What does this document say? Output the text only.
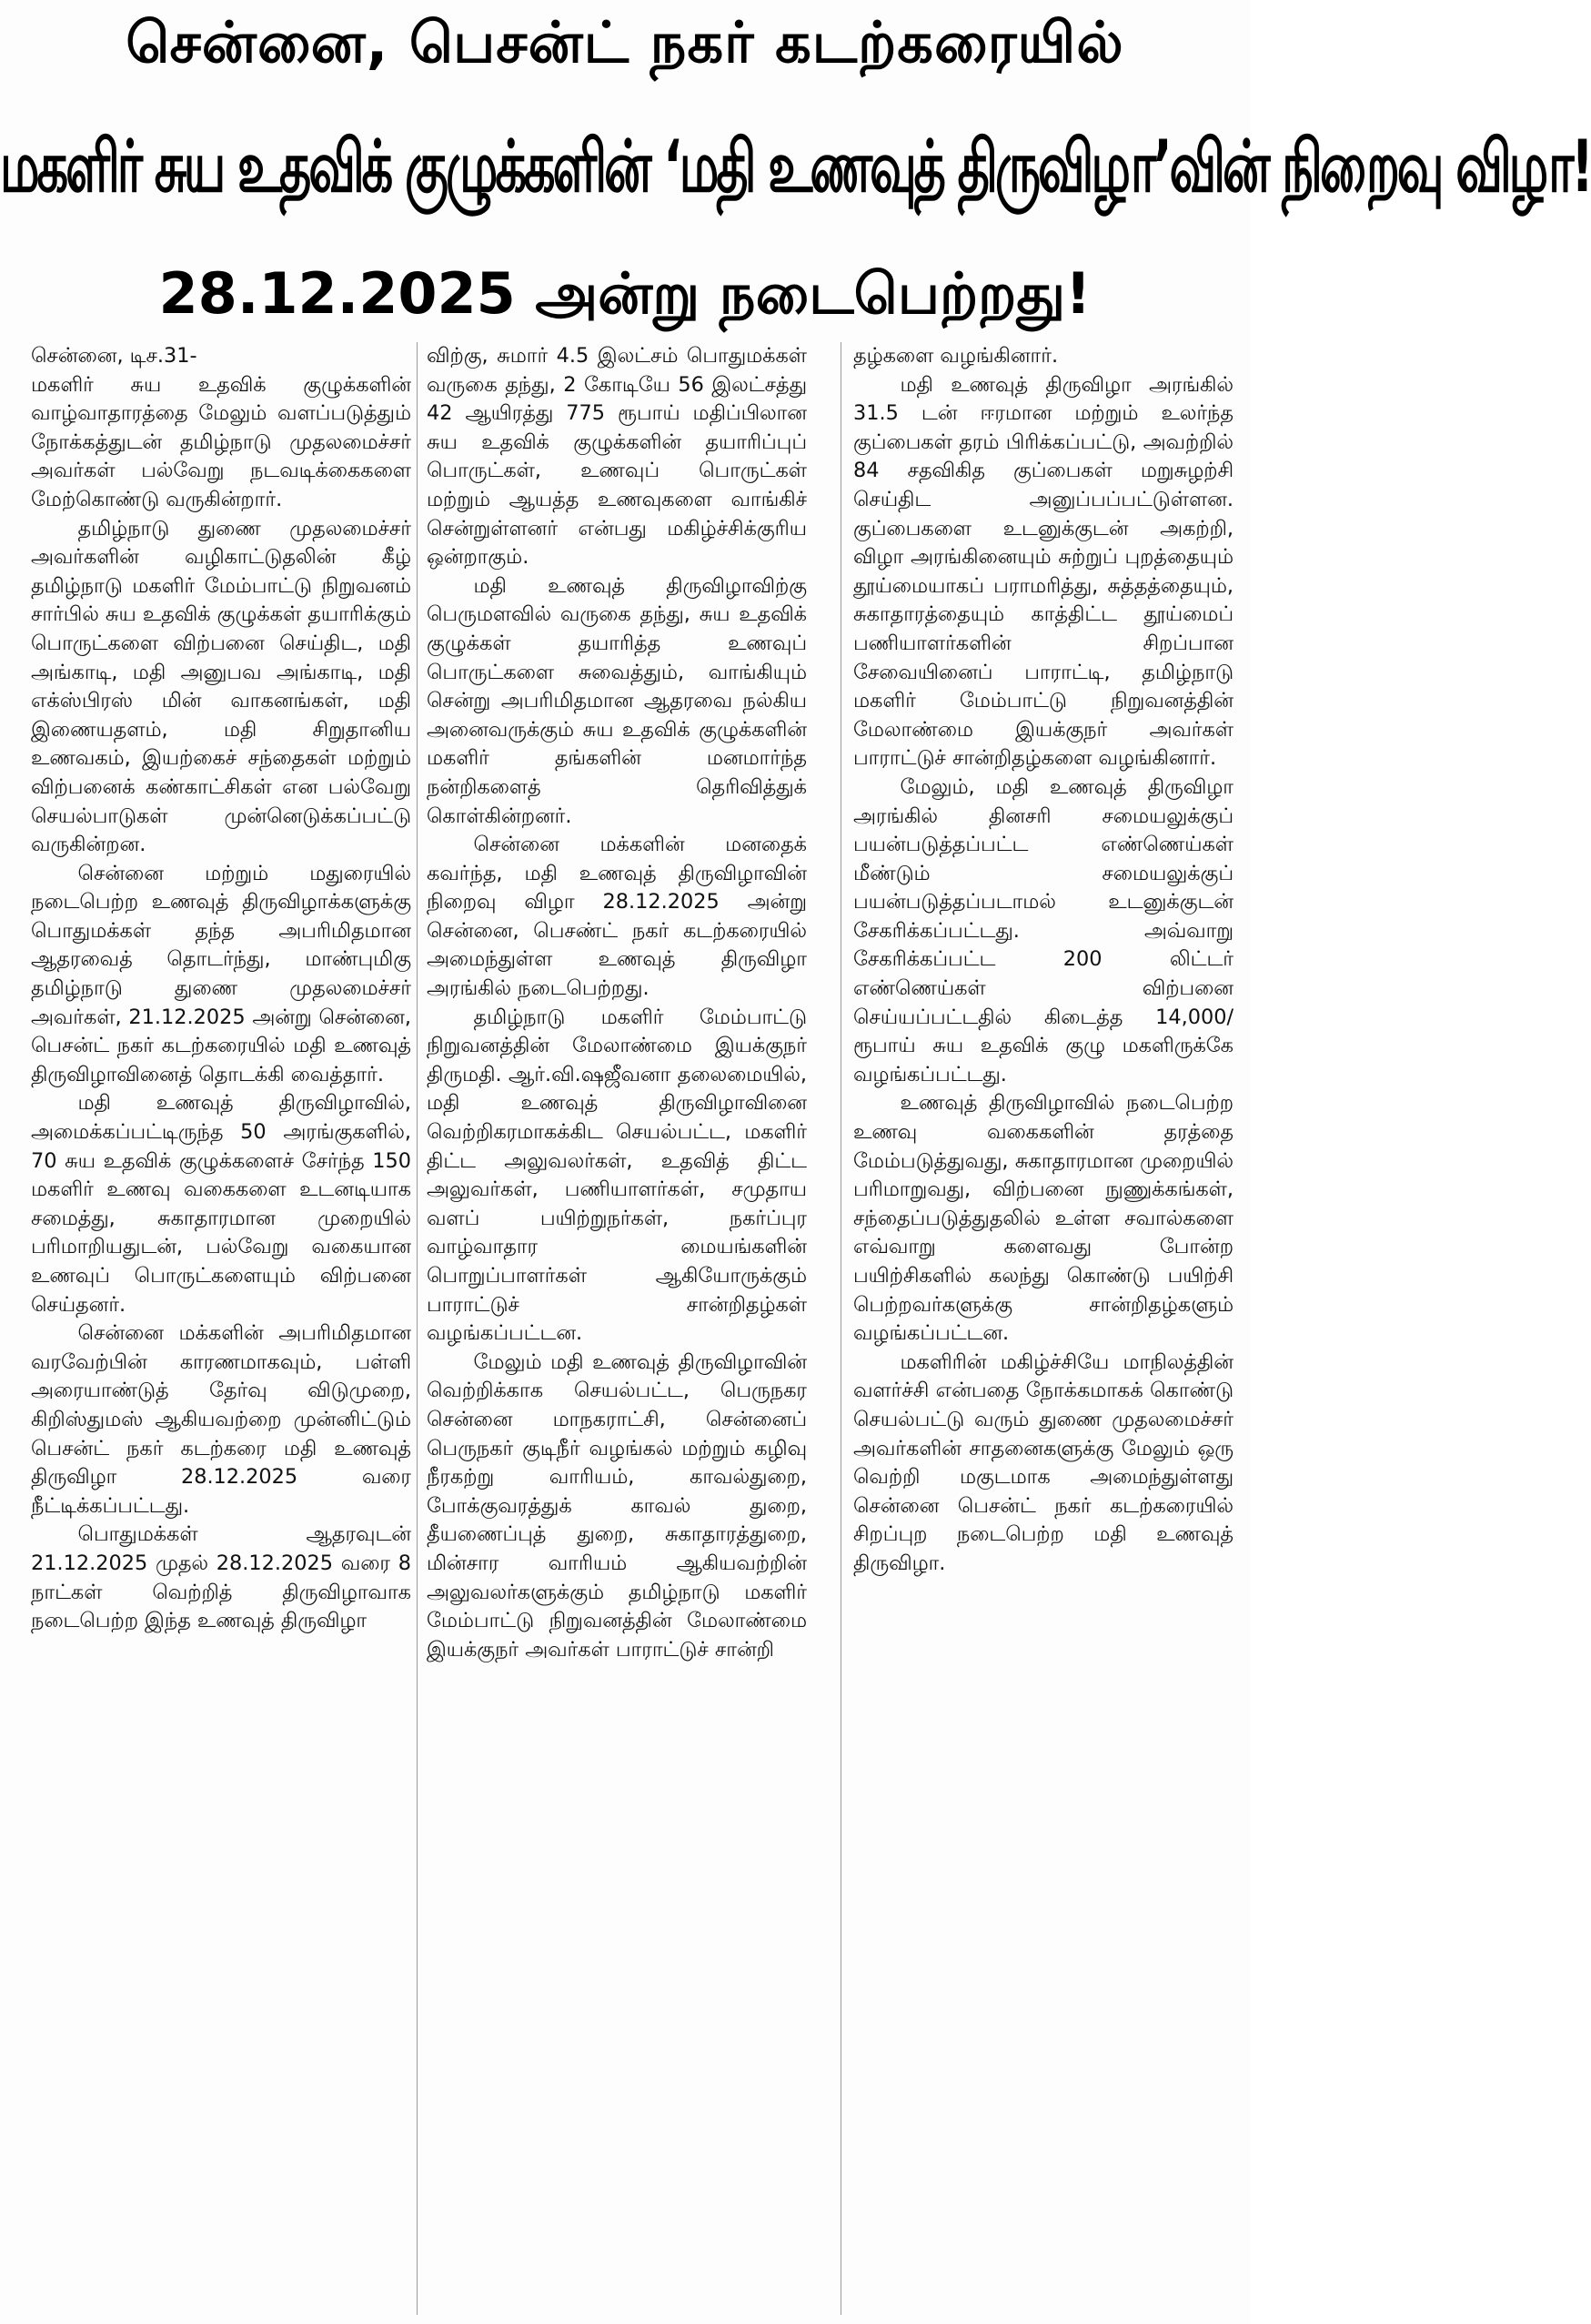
சென்னை, பெசன்ட் நகர் கடற்கரையில்
மகளிர் சுய உதவிக் குழுக்களின் ‘மதி உணவுத் திருவிழா’வின் நிறைவு விழா!
28.12.2025 அன்று நடைபெற்றது!

சென்னை, டிச.31-

மகளிர் சுய உதவிக் குழுக்களின் வாழ்வாதாரத்தை மேலும் வளப்படுத்தும் நோக்கத்துடன் தமிழ்நாடு முதலமைச்சர் அவர்கள் பல்வேறு நடவடிக்கைகளை மேற்கொண்டு வருகின்றார்.

தமிழ்நாடு துணை முதலமைச்சர் அவர்களின் வழிகாட்டுதலின் கீழ் தமிழ்நாடு மகளிர் மேம்பாட்டு நிறுவனம் சார்பில் சுய உதவிக் குழுக்கள் தயாரிக்கும் பொருட்களை விற்பனை செய்திட, மதி அங்காடி, மதி அனுபவ அங்காடி, மதி எக்ஸ்பிரஸ் மின் வாகனங்கள், மதி இணையதளம், மதி சிறுதானிய உணவகம், இயற்கைச் சந்தைகள் மற்றும் விற்பனைக் கண்காட்சிகள் என பல்வேறு செயல்பாடுகள் முன்னெடுக்கப்பட்டு வருகின்றன.

சென்னை மற்றும் மதுரையில் நடைபெற்ற உணவுத் திருவிழாக்களுக்கு பொதுமக்கள் தந்த அபரிமிதமான ஆதரவைத் தொடர்ந்து, மாண்புமிகு தமிழ்நாடு துணை முதலமைச்சர் அவர்கள், 21.12.2025 அன்று சென்னை, பெசன்ட் நகர் கடற்கரையில் மதி உணவுத் திருவிழாவினைத் தொடக்கி வைத்தார்.

மதி உணவுத் திருவிழாவில், அமைக்கப்பட்டிருந்த 50 அரங்குகளில், 70 சுய உதவிக் குழுக்களைச் சேர்ந்த 150 மகளிர் உணவு வகைகளை உடனடியாக சமைத்து, சுகாதாரமான முறையில் பரிமாறியதுடன், பல்வேறு வகையான உணவுப் பொருட்களையும் விற்பனை செய்தனர்.

சென்னை மக்களின் அபரிமிதமான வரவேற்பின் காரணமாகவும், பள்ளி அரையாண்டுத் தேர்வு விடுமுறை, கிறிஸ்துமஸ் ஆகியவற்றை முன்னிட்டும் பெசன்ட் நகர் கடற்கரை மதி உணவுத் திருவிழா 28.12.2025 வரை நீட்டிக்கப்பட்டது.

பொதுமக்கள் ஆதரவுடன் 21.12.2025 முதல் 28.12.2025 வரை 8 நாட்கள் வெற்றித் திருவிழாவாக நடைபெற்ற இந்த உணவுத் திருவிழா

விற்கு, சுமார் 4.5 இலட்சம் பொதுமக்கள் வருகை தந்து, 2 கோடியே 56 இலட்சத்து 42 ஆயிரத்து 775 ரூபாய் மதிப்பிலான சுய உதவிக் குழுக்களின் தயாரிப்புப் பொருட்கள், உணவுப் பொருட்கள் மற்றும் ஆயத்த உணவுகளை வாங்கிச் சென்றுள்ளனர் என்பது மகிழ்ச்சிக்குரிய ஒன்றாகும்.

மதி உணவுத் திருவிழாவிற்கு பெருமளவில் வருகை தந்து, சுய உதவிக் குழுக்கள் தயாரித்த உணவுப் பொருட்களை சுவைத்தும், வாங்கியும் சென்று அபரிமிதமான ஆதரவை நல்கிய அனைவருக்கும் சுய உதவிக் குழுக்களின் மகளிர் தங்களின் மனமார்ந்த நன்றிகளைத் தெரிவித்துக் கொள்கின்றனர்.

சென்னை மக்களின் மனதைக் கவர்ந்த, மதி உணவுத் திருவிழாவின் நிறைவு விழா 28.12.2025 அன்று சென்னை, பெசண்ட் நகர் கடற்கரையில் அமைந்துள்ள உணவுத் திருவிழா அரங்கில் நடைபெற்றது.

தமிழ்நாடு மகளிர் மேம்பாட்டு நிறுவனத்தின் மேலாண்மை இயக்குநர் திருமதி. ஆர்.வி.ஷஜீவனா தலைமையில், மதி உணவுத் திருவிழாவினை வெற்றிகரமாகக்கிட செயல்பட்ட, மகளிர் திட்ட அலுவலர்கள், உதவித் திட்ட அலுவர்கள், பணியாளர்கள், சமுதாய வளப் பயிற்றுநர்கள், நகர்ப்புர வாழ்வாதார மையங்களின் பொறுப்பாளர்கள் ஆகியோருக்கும் பாராட்டுச் சான்றிதழ்கள் வழங்கப்பட்டன.

மேலும் மதி உணவுத் திருவிழாவின் வெற்றிக்காக செயல்பட்ட, பெருநகர சென்னை மாநகராட்சி, சென்னைப் பெருநகர் குடிநீர் வழங்கல் மற்றும் கழிவு நீரகற்று வாரியம், காவல்துறை, போக்குவரத்துக் காவல் துறை, தீயணைப்புத் துறை, சுகாதாரத்துறை, மின்சார வாரியம் ஆகியவற்றின் அலுவலர்களுக்கும் தமிழ்நாடு மகளிர் மேம்பாட்டு நிறுவனத்தின் மேலாண்மை இயக்குநர் அவர்கள் பாராட்டுச் சான்றி

தழ்களை வழங்கினார்.

மதி உணவுத் திருவிழா அரங்கில் 31.5 டன் ஈரமான மற்றும் உலர்ந்த குப்பைகள் தரம் பிரிக்கப்பட்டு, அவற்றில் 84 சதவிகித குப்பைகள் மறுசுழற்சி செய்திட அனுப்பப்பட்டுள்ளன. குப்பைகளை உடனுக்குடன் அகற்றி, விழா அரங்கினையும் சுற்றுப் புறத்தையும் தூய்மையாகப் பராமரித்து, சுத்தத்தையும், சுகாதாரத்தையும் காத்திட்ட தூய்மைப் பணியாளர்களின் சிறப்பான சேவையினைப் பாராட்டி, தமிழ்நாடு மகளிர் மேம்பாட்டு நிறுவனத்தின் மேலாண்மை இயக்குநர் அவர்கள் பாராட்டுச் சான்றிதழ்களை வழங்கினார்.

மேலும், மதி உணவுத் திருவிழா அரங்கில் தினசரி சமையலுக்குப் பயன்படுத்தப்பட்ட எண்ணெய்கள் மீண்டும் சமையலுக்குப் பயன்படுத்தப்படாமல் உடனுக்குடன் சேகரிக்கப்பட்டது. அவ்வாறு சேகரிக்கப்பட்ட 200 லிட்டர் எண்ணெய்கள் விற்பனை செய்யப்பட்டதில் கிடைத்த 14,000/ ரூபாய் சுய உதவிக் குழு மகளிருக்கே வழங்கப்பட்டது.

உணவுத் திருவிழாவில் நடைபெற்ற உணவு வகைகளின் தரத்தை மேம்படுத்துவது, சுகாதாரமான முறையில் பரிமாறுவது, விற்பனை நுணுக்கங்கள், சந்தைப்படுத்துதலில் உள்ள சவால்களை எவ்வாறு களைவது போன்ற பயிற்சிகளில் கலந்து கொண்டு பயிற்சி பெற்றவர்களுக்கு சான்றிதழ்களும் வழங்கப்பட்டன.

மகளிரின் மகிழ்ச்சியே மாநிலத்தின் வளர்ச்சி என்பதை நோக்கமாகக் கொண்டு செயல்பட்டு வரும் துணை முதலமைச்சர் அவர்களின் சாதனைகளுக்கு மேலும் ஒரு வெற்றி மகுடமாக அமைந்துள்ளது சென்னை பெசன்ட் நகர் கடற்கரையில் சிறப்புற நடைபெற்ற மதி உணவுத் திருவிழா.
